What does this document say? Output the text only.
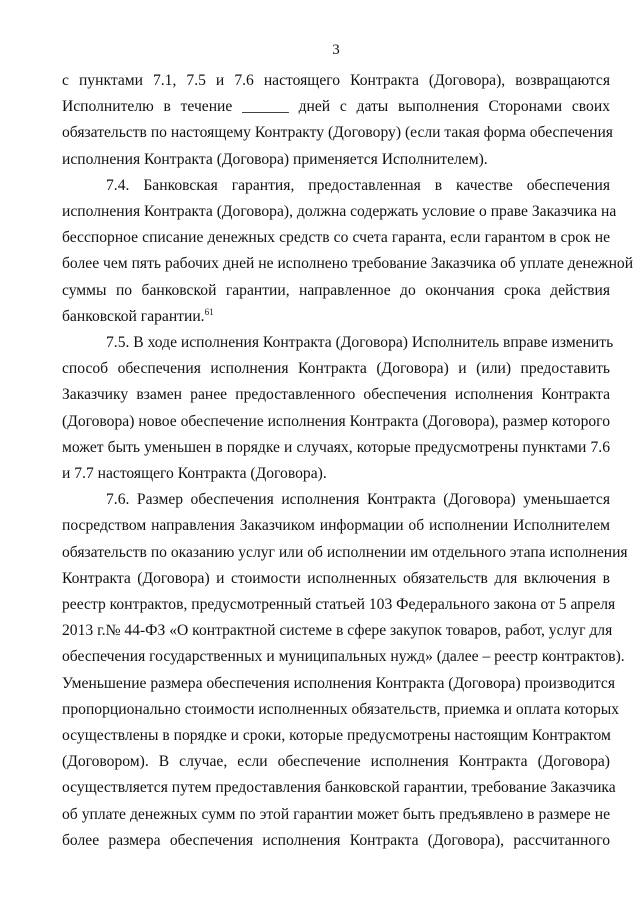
3
с пунктами 7.1, 7.5 и 7.6 настоящего Контракта (Договора), возвращаются
Исполнителю в течение ______ дней с даты выполнения Сторонами своих
обязательств по настоящему Контракту (Договору) (если такая форма обеспечения
исполнения Контракта (Договора) применяется Исполнителем).
7.4. Банковская гарантия, предоставленная в качестве обеспечения
исполнения Контракта (Договора), должна содержать условие о праве Заказчика на
бесспорное списание денежных средств со счета гаранта, если гарантом в срок не
более чем пять рабочих дней не исполнено требование Заказчика об уплате денежной
суммы по банковской гарантии, направленное до окончания срока действия
банковской гарантии.$^{61}$
7.5. В ходе исполнения Контракта (Договора) Исполнитель вправе изменить
способ обеспечения исполнения Контракта (Договора) и (или) предоставить
Заказчику взамен ранее предоставленного обеспечения исполнения Контракта
(Договора) новое обеспечение исполнения Контракта (Договора), размер которого
может быть уменьшен в порядке и случаях, которые предусмотрены пунктами 7.6
и 7.7 настоящего Контракта (Договора).
7.6. Размер обеспечения исполнения Контракта (Договора) уменьшается
посредством направления Заказчиком информации об исполнении Исполнителем
обязательств по оказанию услуг или об исполнении им отдельного этапа исполнения
Контракта (Договора) и стоимости исполненных обязательств для включения в
реестр контрактов, предусмотренный статьей 103 Федерального закона от 5 апреля
2013 г.№ 44-ФЗ «О контрактной системе в сфере закупок товаров, работ, услуг для
обеспечения государственных и муниципальных нужд» (далее – реестр контрактов).
Уменьшение размера обеспечения исполнения Контракта (Договора) производится
пропорционально стоимости исполненных обязательств, приемка и оплата которых
осуществлены в порядке и сроки, которые предусмотрены настоящим Контрактом
(Договором). В случае, если обеспечение исполнения Контракта (Договора)
осуществляется путем предоставления банковской гарантии, требование Заказчика
об уплате денежных сумм по этой гарантии может быть предъявлено в размере не
более размера обеспечения исполнения Контракта (Договора), рассчитанного
